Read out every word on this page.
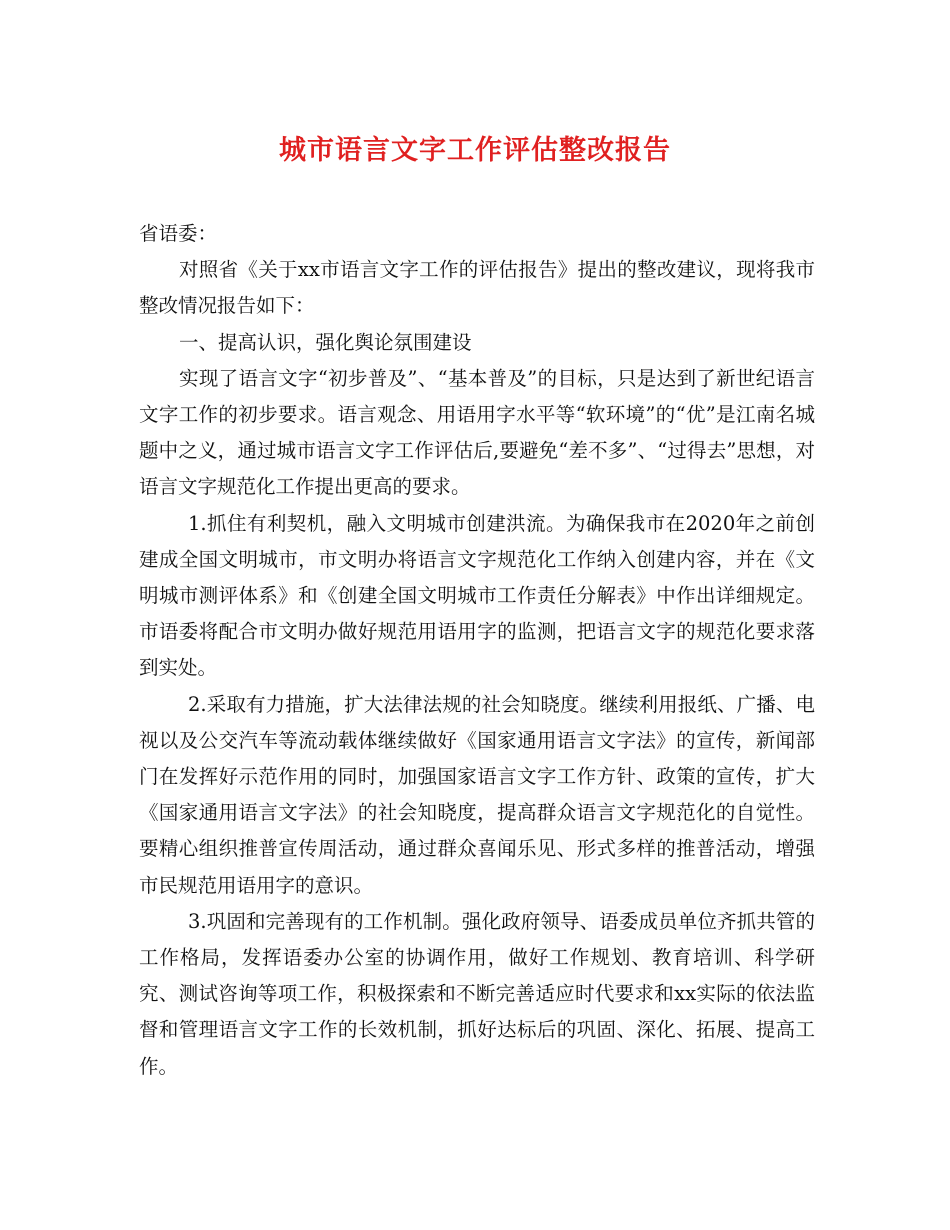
城市语言文字工作评估整改报告

省语委：

对照省《关于xx市语言文字工作的评估报告》提出的整改建议，现将我市整改情况报告如下：

一、提高认识，强化舆论氛围建设

实现了语言文字“初步普及”、“基本普及”的目标，只是达到了新世纪语言文字工作的初步要求。语言观念、用语用字水平等“软环境”的“优”是江南名城题中之义，通过城市语言文字工作评估后,要避免“差不多”、“过得去”思想，对语言文字规范化工作提出更高的要求。

1.抓住有利契机，融入文明城市创建洪流。为确保我市在2020年之前创建成全国文明城市，市文明办将语言文字规范化工作纳入创建内容，并在《文明城市测评体系》和《创建全国文明城市工作责任分解表》中作出详细规定。市语委将配合市文明办做好规范用语用字的监测，把语言文字的规范化要求落到实处。

2.采取有力措施，扩大法律法规的社会知晓度。继续利用报纸、广播、电视以及公交汽车等流动载体继续做好《国家通用语言文字法》的宣传，新闻部门在发挥好示范作用的同时，加强国家语言文字工作方针、政策的宣传，扩大《国家通用语言文字法》的社会知晓度，提高群众语言文字规范化的自觉性。要精心组织推普宣传周活动，通过群众喜闻乐见、形式多样的推普活动，增强市民规范用语用字的意识。

3.巩固和完善现有的工作机制。强化政府领导、语委成员单位齐抓共管的工作格局，发挥语委办公室的协调作用，做好工作规划、教育培训、科学研究、测试咨询等项工作，积极探索和不断完善适应时代要求和xx实际的依法监督和管理语言文字工作的长效机制，抓好达标后的巩固、深化、拓展、提高工作。
